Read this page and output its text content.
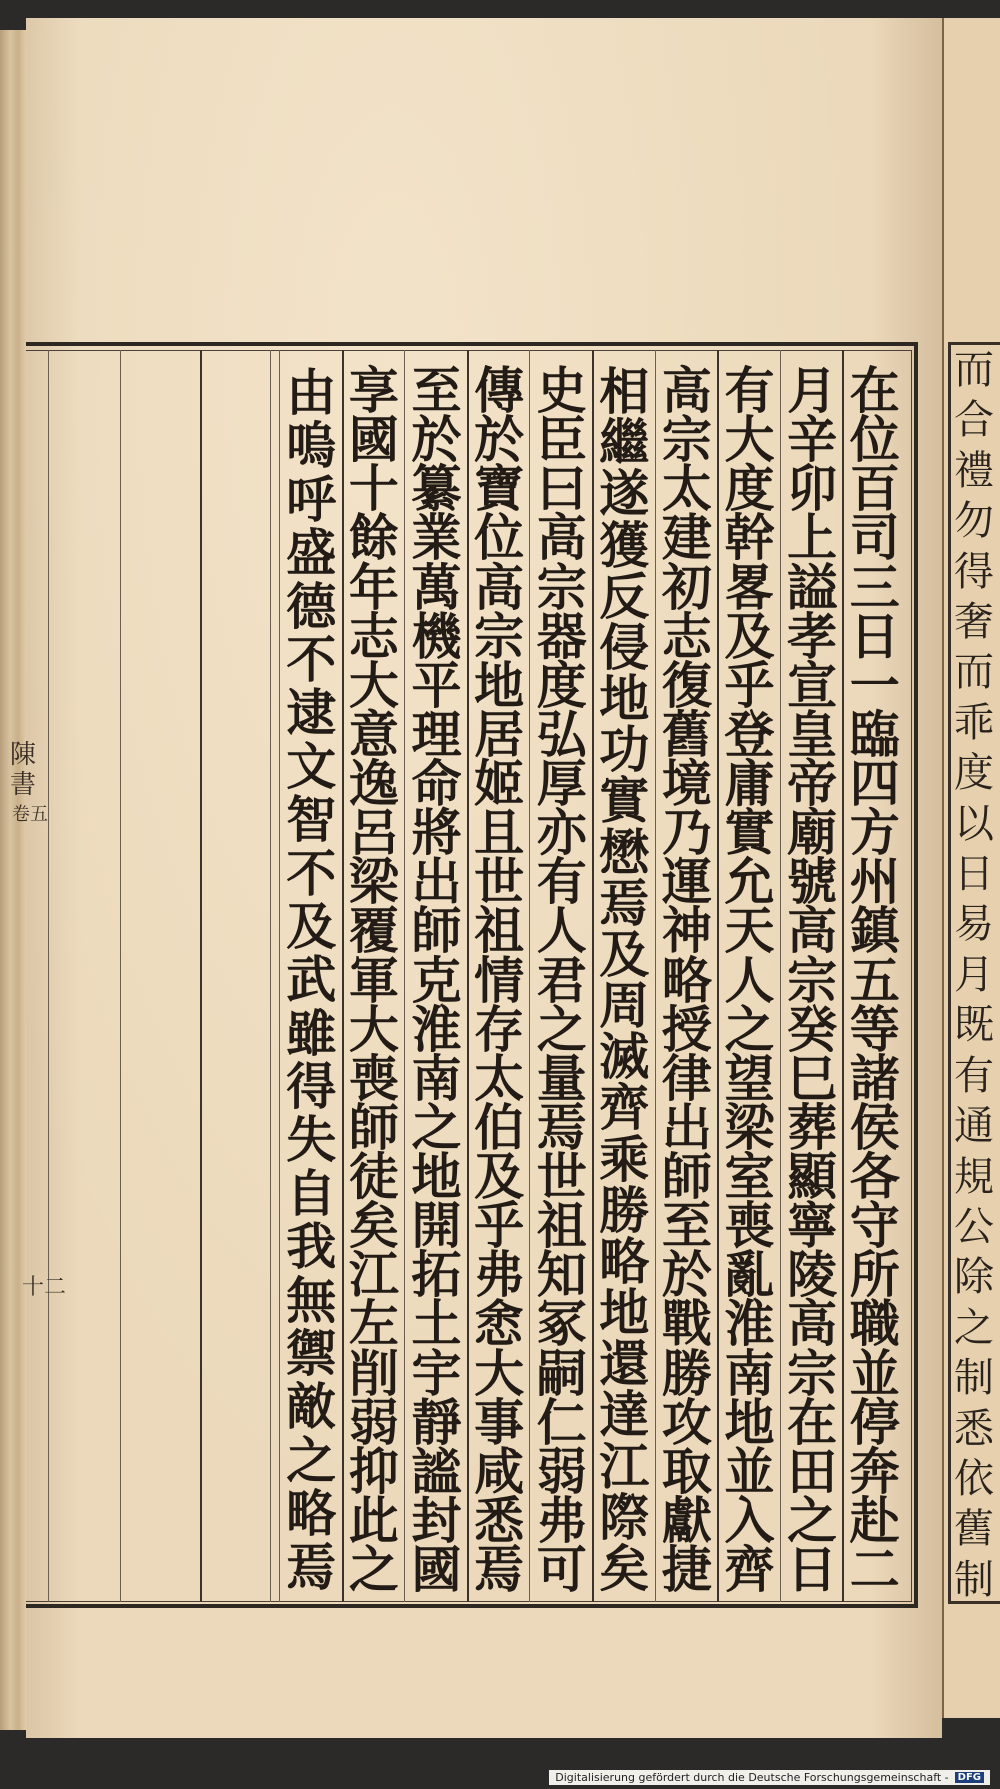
而
合
禮
勿
得
奢
而
乖
度
以
日
易
月
既
有
通
規
公
除
之
制
悉
依
舊
制
陳書
卷五
十二
在
位
百
司
三
日
一
臨
四
方
州
鎮
五
等
諸
侯
各
守
所
職
並
停
奔
赴
二
月
辛
卯
上
謚
孝
宣
皇
帝
廟
號
高
宗
癸
巳
葬
顯
寧
陵
高
宗
在
田
之
日
有
大
度
幹
畧
及
乎
登
庸
實
允
天
人
之
望
梁
室
喪
亂
淮
南
地
並
入
齊
高
宗
太
建
初
志
復
舊
境
乃
運
神
略
授
律
出
師
至
於
戰
勝
攻
取
獻
捷
相
繼
遂
獲
反
侵
地
功
實
懋
焉
及
周
滅
齊
乘
勝
略
地
還
達
江
際
矣
史
臣
曰
高
宗
器
度
弘
厚
亦
有
人
君
之
量
焉
世
祖
知
冢
嗣
仁
弱
弗
可
傳
於
寶
位
高
宗
地
居
姬
且
世
祖
情
存
太
伯
及
乎
弗
悆
大
事
咸
悉
焉
至
於
纂
業
萬
機
平
理
命
將
出
師
克
淮
南
之
地
開
拓
土
宇
靜
謐
封
國
享
國
十
餘
年
志
大
意
逸
呂
梁
覆
軍
大
喪
師
徒
矣
江
左
削
弱
抑
此
之
由
嗚
呼
盛
德
不
逮
文
智
不
及
武
雖
得
失
自
我
無
禦
敵
之
略
焉
Digitalisierung gefördert durch die Deutsche Forschungsgemeinschaft - DFG
